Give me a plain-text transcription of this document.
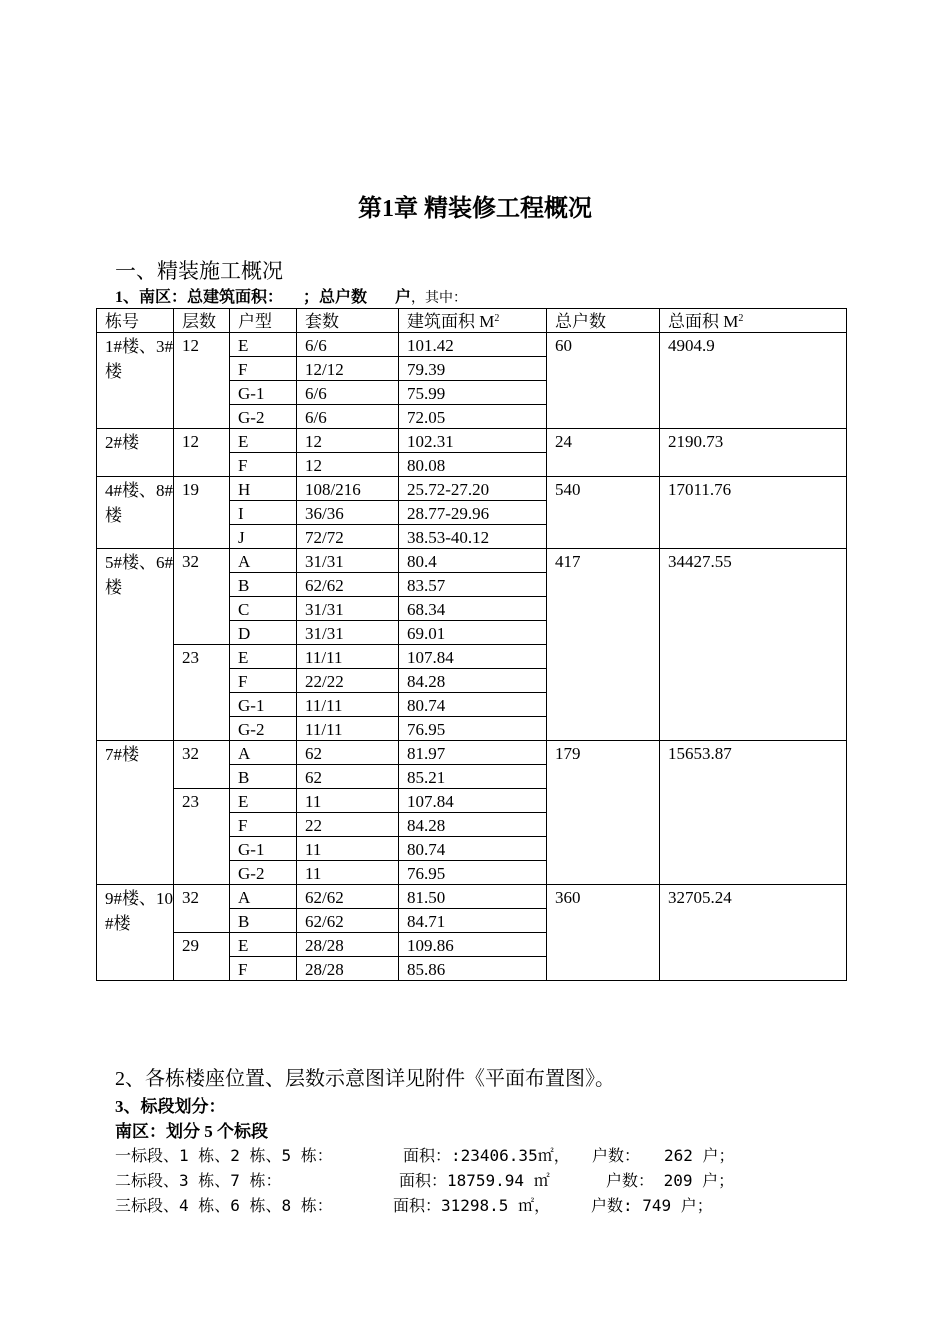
第1章 精装修工程概况
一、精装施工概况
1、南区：总建筑面积： ；总户数 户，其中：
栋号	层数	户型	套数	建筑面积 $M^2$	总户数	总面积 $M^2$
1#楼、3#楼	12	E	6/6	101.42	60	4904.9
		F	12/12	79.39		
		G-1	6/6	75.99		
		G-2	6/6	72.05		
2#楼	12	E	12	102.31	24	2190.73
		F	12	80.08		
4#楼、8#楼	19	H	108/216	25.72-27.20	540	17011.76
		I	36/36	28.77-29.96		
		J	72/72	38.53-40.12		
5#楼、6#楼	32	A	31/31	80.4	417	34427.55
		B	62/62	83.57		
		C	31/31	68.34		
		D	31/31	69.01		
	23	E	11/11	107.84		
		F	22/22	84.28		
		G-1	11/11	80.74		
		G-2	11/11	76.95		
7#楼	32	A	62	81.97	179	15653.87
		B	62	85.21		
	23	E	11	107.84		
		F	22	84.28		
		G-1	11	80.74		
		G-2	11	76.95		
9#楼、10#楼	32	A	62/62	81.50	360	32705.24
		B	62/62	84.71		
	29	E	28/28	109.86		
		F	28/28	85.86		
2、各栋楼座位置、层数示意图详见附件《平面布置图》。
3、标段划分：
南区：划分 5 个标段
一标段、1 栋、2 栋、5 栋：	面积：:23406.35㎡， 户数：　　262 户；
二标段、3 栋、7 栋：	面积：18759.94 ㎡	户数： 209 户；
三标段、4 栋、6 栋、8 栋：	面积：31298.5 ㎡，	户数: 749 户；
